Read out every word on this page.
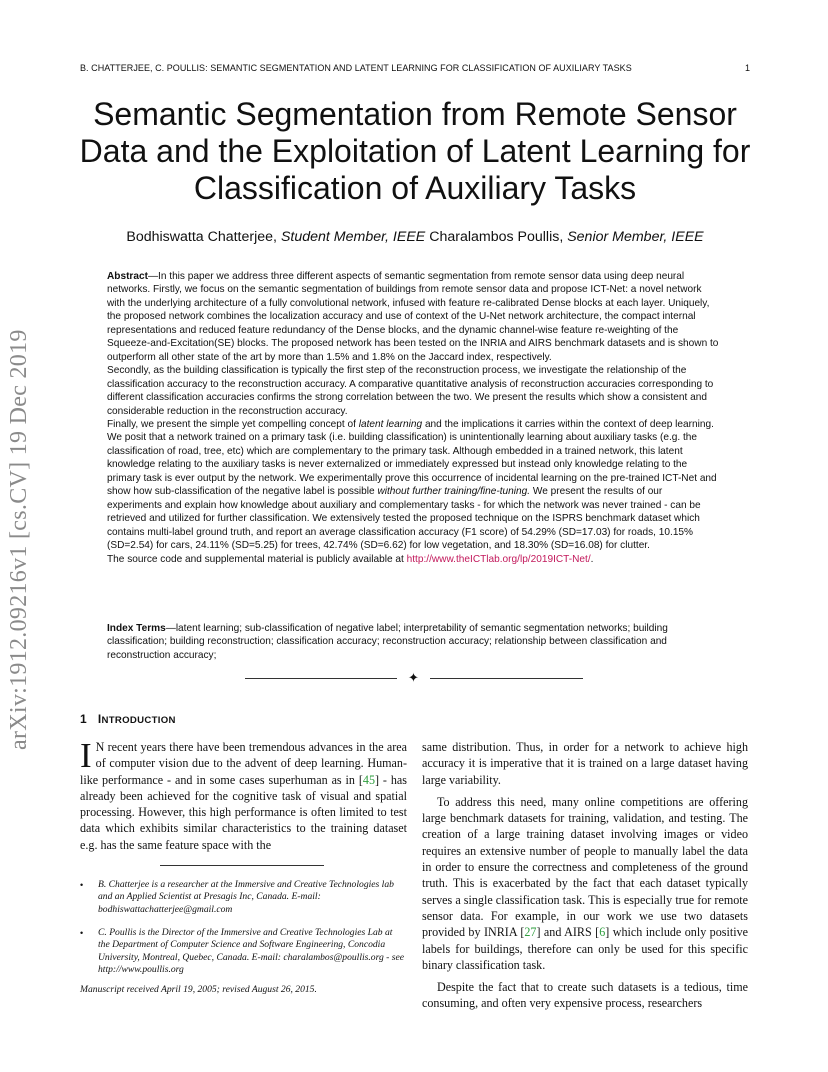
B. CHATTERJEE, C. POULLIS: SEMANTIC SEGMENTATION AND LATENT LEARNING FOR CLASSIFICATION OF AUXILIARY TASKS	1
arXiv:1912.09216v1 [cs.CV] 19 Dec 2019
Semantic Segmentation from Remote Sensor Data and the Exploitation of Latent Learning for Classification of Auxiliary Tasks
Bodhiswatta Chatterjee, Student Member, IEEE Charalambos Poullis, Senior Member, IEEE

Abstract—In this paper we address three different aspects of semantic segmentation from remote sensor data using deep neural networks. Firstly, we focus on the semantic segmentation of buildings from remote sensor data and propose ICT-Net: a novel network with the underlying architecture of a fully convolutional network, infused with feature re-calibrated Dense blocks at each layer. Uniquely, the proposed network combines the localization accuracy and use of context of the U-Net network architecture, the compact internal representations and reduced feature redundancy of the Dense blocks, and the dynamic channel-wise feature re-weighting of the Squeeze-and-Excitation(SE) blocks. The proposed network has been tested on the INRIA and AIRS benchmark datasets and is shown to outperform all other state of the art by more than 1.5% and 1.8% on the Jaccard index, respectively.

Secondly, as the building classification is typically the first step of the reconstruction process, we investigate the relationship of the classification accuracy to the reconstruction accuracy. A comparative quantitative analysis of reconstruction accuracies corresponding to different classification accuracies confirms the strong correlation between the two. We present the results which show a consistent and considerable reduction in the reconstruction accuracy.

Finally, we present the simple yet compelling concept of latent learning and the implications it carries within the context of deep learning. We posit that a network trained on a primary task (i.e. building classification) is unintentionally learning about auxiliary tasks (e.g. the classification of road, tree, etc) which are complementary to the primary task. Although embedded in a trained network, this latent knowledge relating to the auxiliary tasks is never externalized or immediately expressed but instead only knowledge relating to the primary task is ever output by the network. We experimentally prove this occurrence of incidental learning on the pre-trained ICT-Net and show how sub-classification of the negative label is possible without further training/fine-tuning. We present the results of our experiments and explain how knowledge about auxiliary and complementary tasks - for which the network was never trained - can be retrieved and utilized for further classification. We extensively tested the proposed technique on the ISPRS benchmark dataset which contains multi-label ground truth, and report an average classification accuracy (F1 score) of 54.29% (SD=17.03) for roads, 10.15% (SD=2.54) for cars, 24.11% (SD=5.25) for trees, 42.74% (SD=6.62) for low vegetation, and 18.30% (SD=16.08) for clutter.

The source code and supplemental material is publicly available at http://www.theICTlab.org/lp/2019ICT-Net/.

Index Terms—latent learning; sub-classification of negative label; interpretability of semantic segmentation networks; building classification; building reconstruction; classification accuracy; reconstruction accuracy; relationship between classification and reconstruction accuracy;
✦
1 INTRODUCTION

I N recent years there have been tremendous advances in the area of computer vision due to the advent of deep learning. Human-like performance - and in some cases superhuman as in [45] - has already been achieved for the cognitive task of visual and spatial processing. However, this high performance is often limited to test data which exhibits similar characteristics to the training dataset e.g. has the same feature space with the

• B. Chatterjee is a researcher at the Immersive and Creative Technologies lab and an Applied Scientist at Presagis Inc, Canada. E-mail: bodhiswattachatterjee@gmail.com
• C. Poullis is the Director of the Immersive and Creative Technologies Lab at the Department of Computer Science and Software Engineering, Concodia University, Montreal, Quebec, Canada. E-mail: charalambos@poullis.org - see http://www.poullis.org
Manuscript received April 19, 2005; revised August 26, 2015.

same distribution. Thus, in order for a network to achieve high accuracy it is imperative that it is trained on a large dataset having large variability.

To address this need, many online competitions are offering large benchmark datasets for training, validation, and testing. The creation of a large training dataset involving images or video requires an extensive number of people to manually label the data in order to ensure the correctness and completeness of the ground truth. This is exacerbated by the fact that each dataset typically serves a single classification task. This is especially true for remote sensor data. For example, in our work we use two datasets provided by INRIA [27] and AIRS [6] which include only positive labels for buildings, therefore can only be used for this specific binary classification task.

Despite the fact that to create such datasets is a tedious, time consuming, and often very expensive process, researchers
